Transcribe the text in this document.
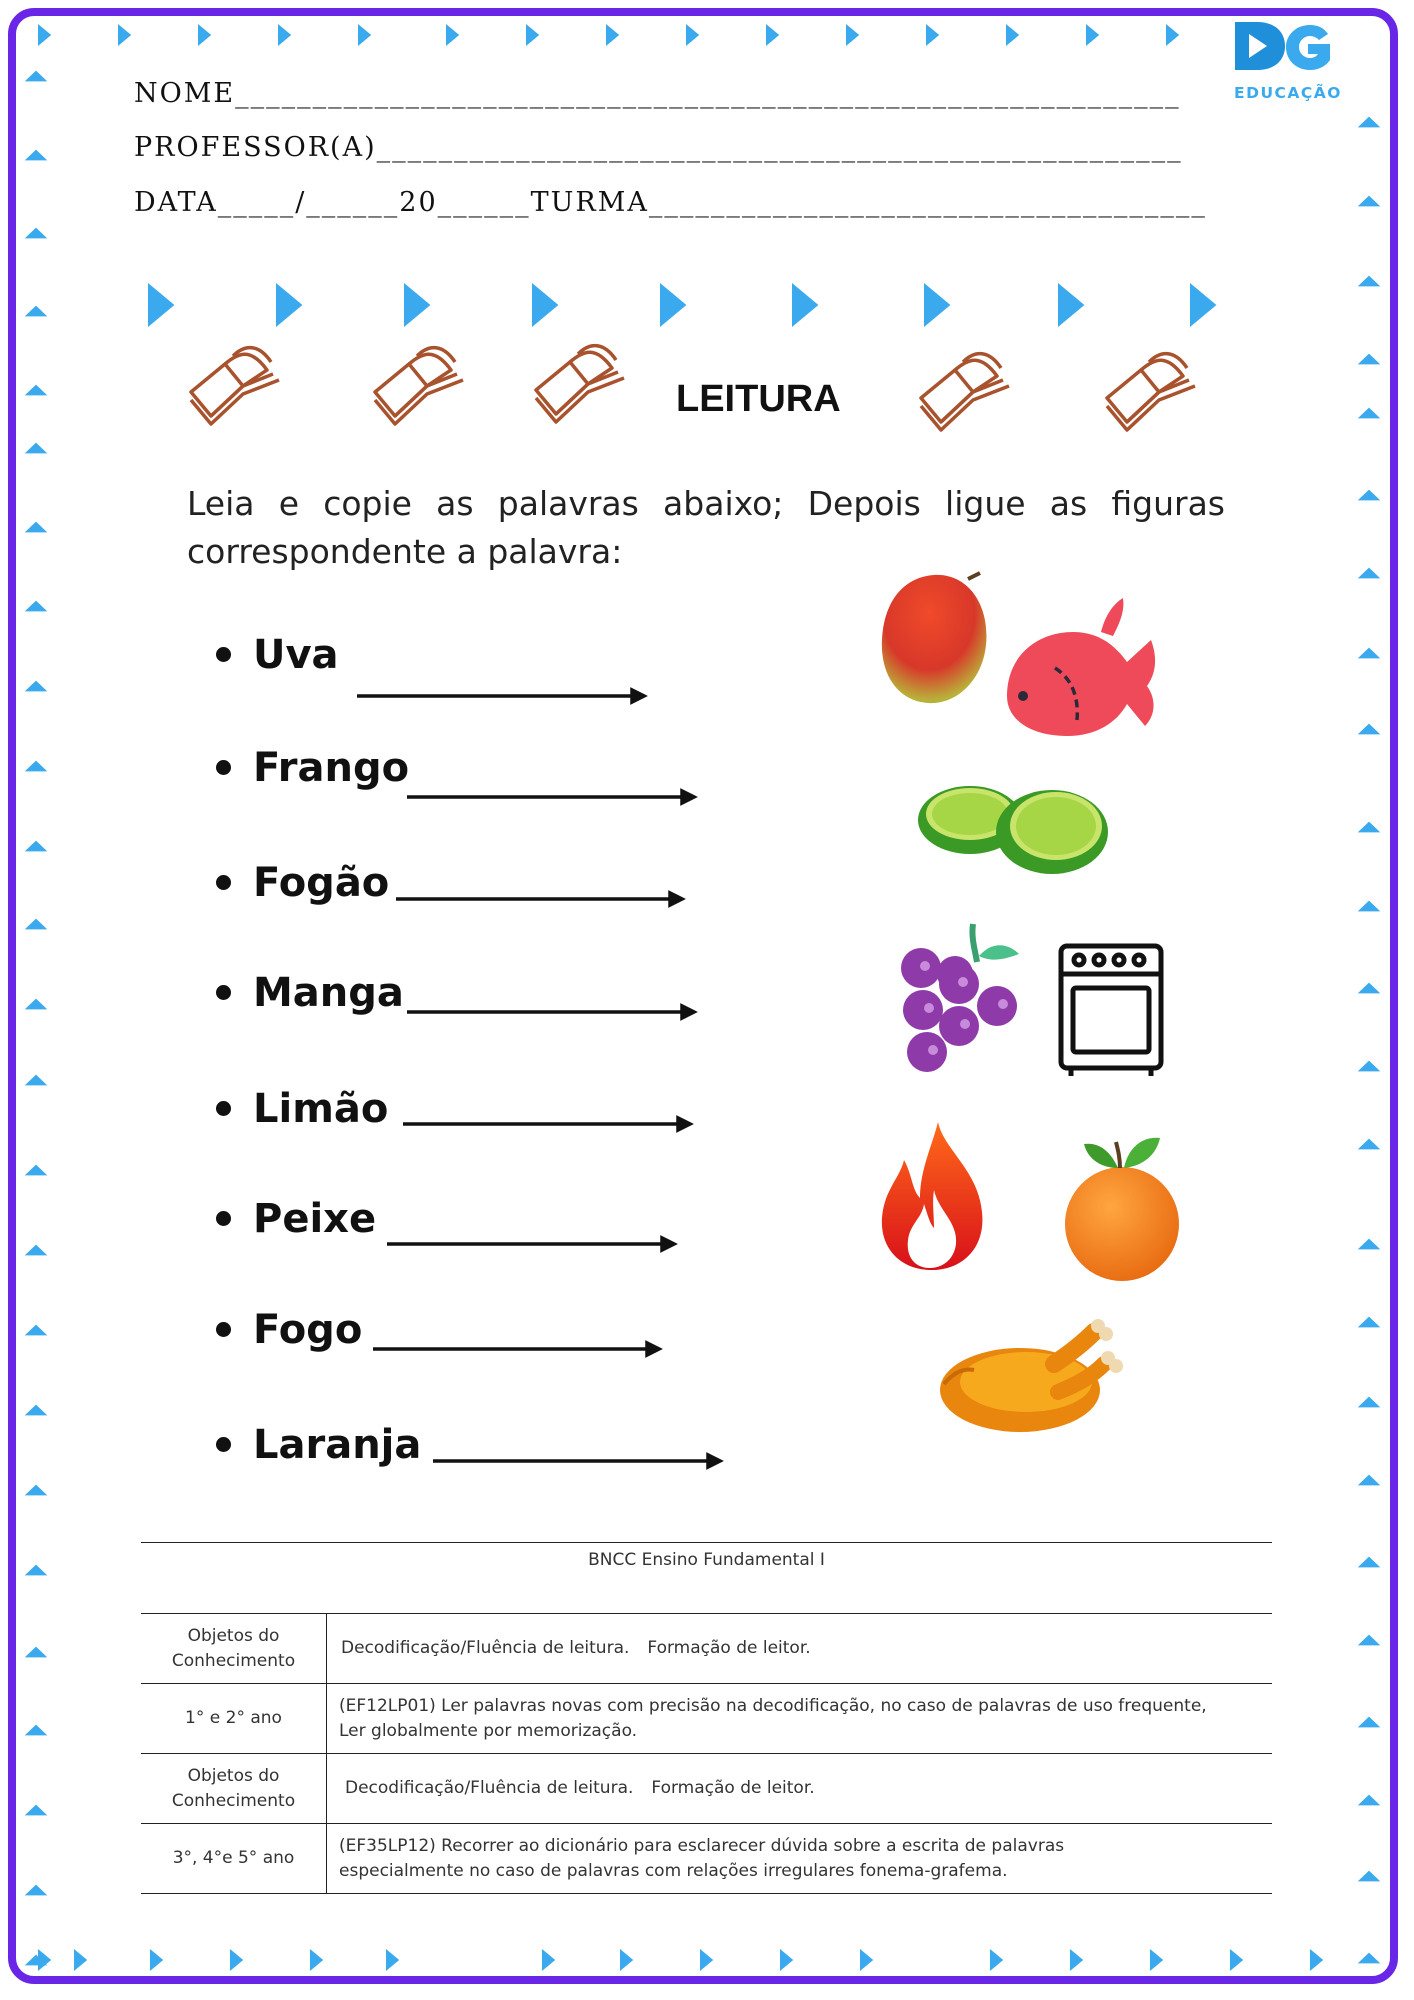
EDUCAÇÃO
NOME_____________________________________________________________
PROFESSOR(A)____________________________________________________
DATA_____/______20______TURMA____________________________________
LEITURA
Leia e copie as palavras abaixo; Depois ligue as figuras correspondente a palavra:
Uva
Frango
Fogão
Manga
Limão
Peixe
Fogo
Laranja
BNCC Ensino Fundamental I
Objetos do Conhecimento	Decodificação/Fluência de leitura. Formação de leitor.
1° e 2° ano	(EF12LP01) Ler palavras novas com precisão na decodificação, no caso de palavras de uso frequente,
Ler globalmente por memorização.
Objetos do Conhecimento	Decodificação/Fluência de leitura. Formação de leitor.
3°, 4°e 5° ano	(EF35LP12) Recorrer ao dicionário para esclarecer dúvida sobre a escrita de palavras
especialmente no caso de palavras com relações irregulares fonema-grafema.
